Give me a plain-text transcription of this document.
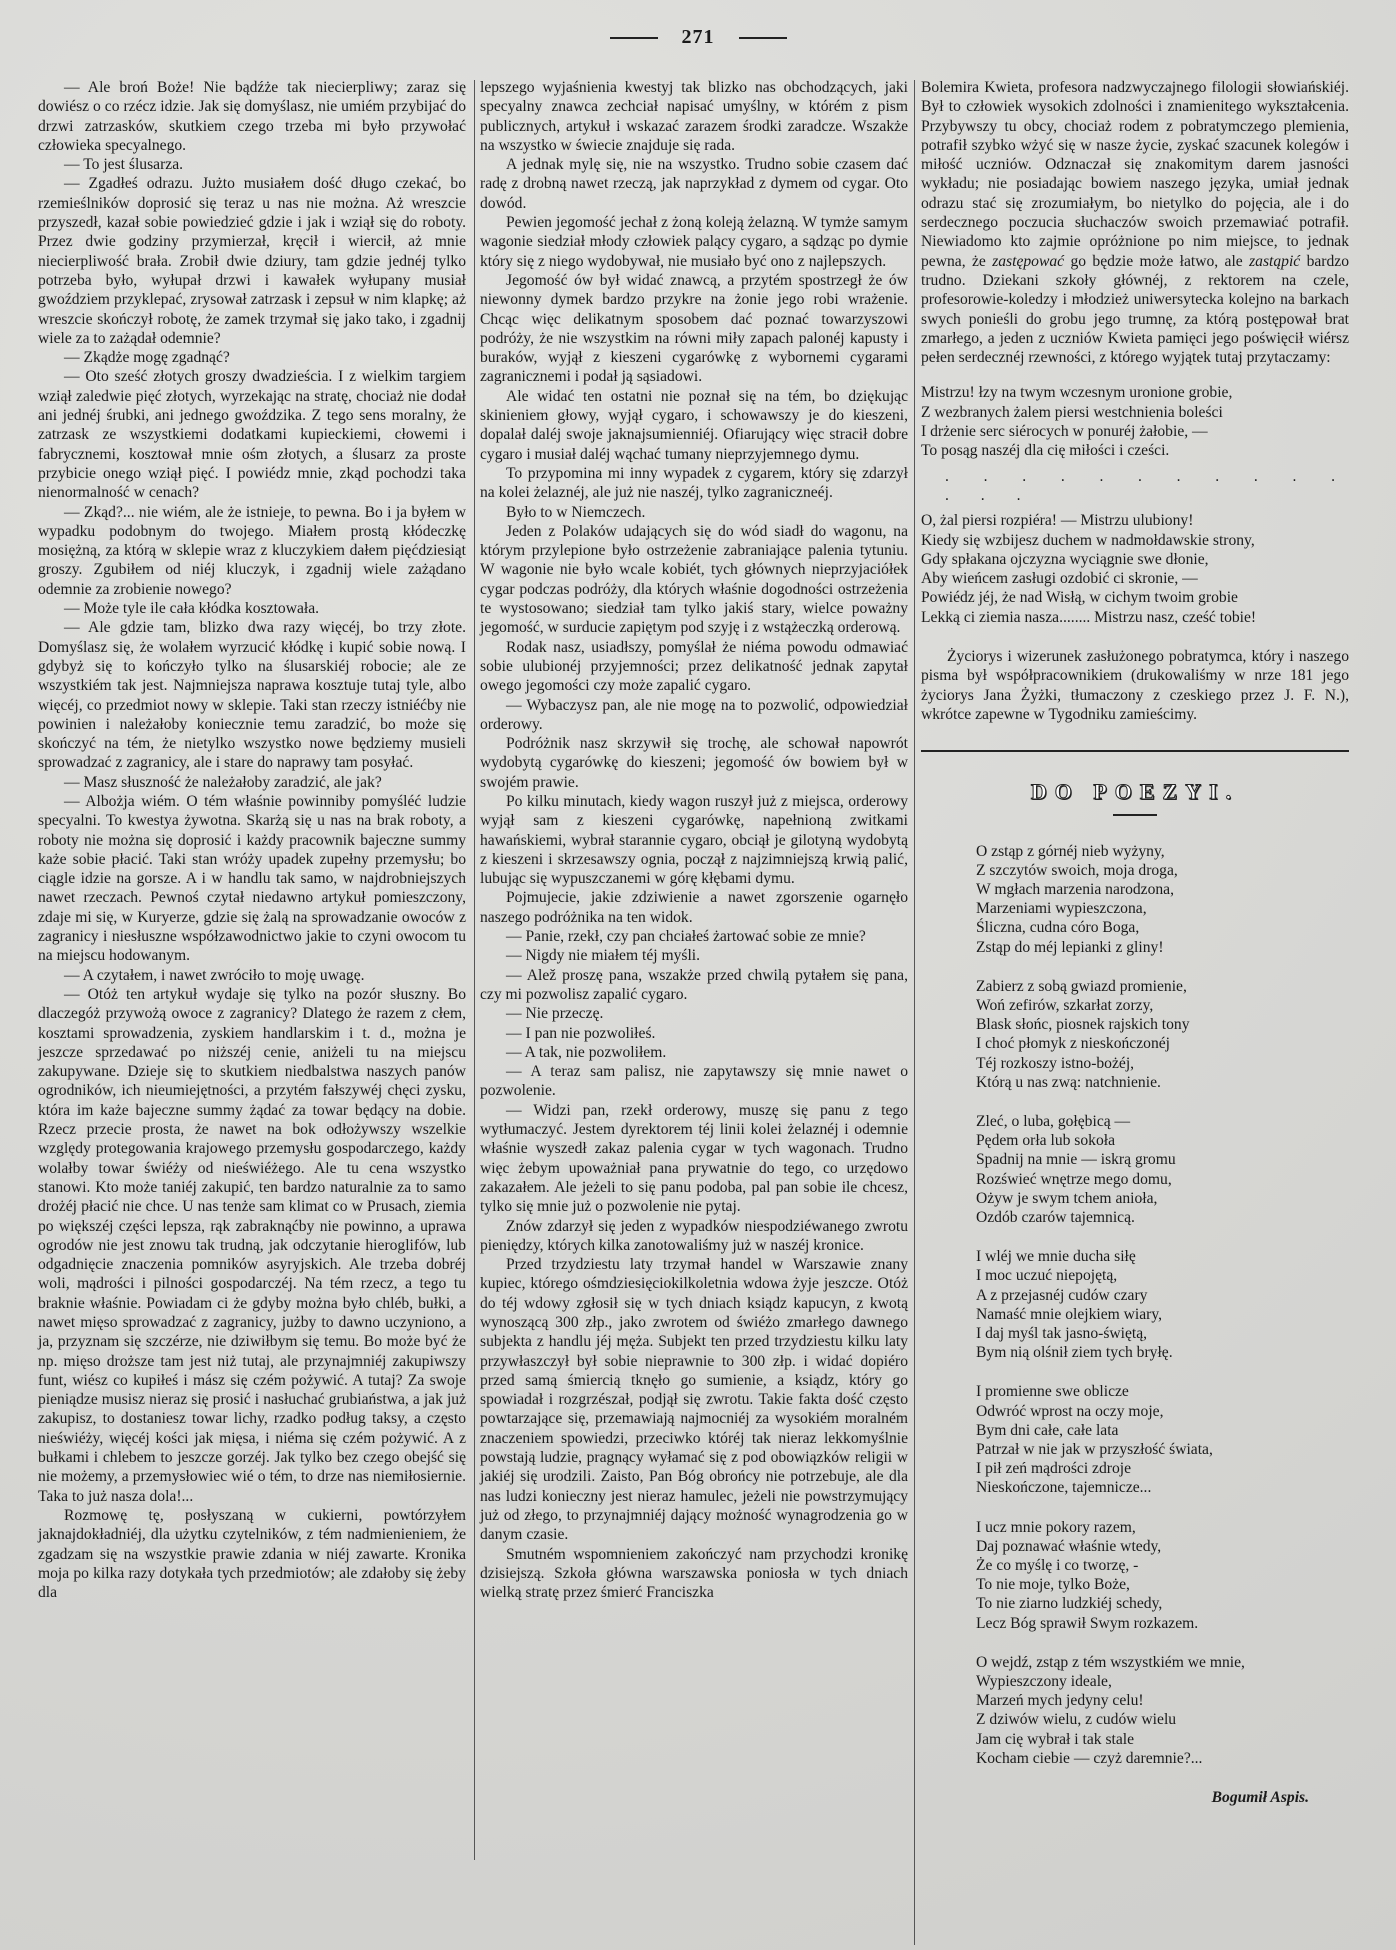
271

— Ale broń Boże! Nie bądźże tak niecierpliwy; zaraz się dowiész o co rzécz idzie. Jak się domyślasz, nie umiém przybijać do drzwi zatrzasków, skutkiem czego trzeba mi było przywołać człowieka specyalnego.

— To jest ślusarza.

— Zgadłeś odrazu. Jużto musiałem dość długo czekać, bo rzemieślników doprosić się teraz u nas nie można. Aż wreszcie przyszedł, kazał sobie powiedzieć gdzie i jak i wziął się do roboty. Przez dwie godziny przymierzał, kręcił i wiercił, aż mnie niecierpliwość brała. Zrobił dwie dziury, tam gdzie jednéj tylko potrzeba było, wyłupał drzwi i kawałek wyłupany musiał gwoździem przyklepać, zrysował zatrzask i zepsuł w nim klapkę; aż wreszcie skończył robotę, że zamek trzymał się jako tako, i zgadnij wiele za to zażądał odemnie?

— Zkądże mogę zgadnąć?

— Oto sześć złotych groszy dwadzieścia. I z wielkim targiem wziął zaledwie pięć złotych, wyrzekając na stratę, chociaż nie dodał ani jednéj śrubki, ani jednego gwoździka. Z tego sens moralny, że zatrzask ze wszystkiemi dodatkami kupieckiemi, cłowemi i fabrycznemi, kosztował mnie ośm złotych, a ślusarz za proste przybicie onego wziął pięć. I powiédz mnie, zkąd pochodzi taka nienormalność w cenach?

— Zkąd?... nie wiém, ale że istnieje, to pewna. Bo i ja byłem w wypadku podobnym do twojego. Miałem prostą kłódeczkę mosiężną, za którą w sklepie wraz z kluczykiem dałem pięćdziesiąt groszy. Zgubiłem od niéj kluczyk, i zgadnij wiele zażądano odemnie za zrobienie nowego?

— Może tyle ile cała kłódka kosztowała.

— Ale gdzie tam, blizko dwa razy więcéj, bo trzy złote. Domyślasz się, że wolałem wyrzucić kłódkę i kupić sobie nową. I gdybyż się to kończyło tylko na ślusarskiéj robocie; ale ze wszystkiém tak jest. Najmniejsza naprawa kosztuje tutaj tyle, albo więcéj, co przedmiot nowy w sklepie. Taki stan rzeczy istniéćby nie powinien i należałoby koniecznie temu zaradzić, bo może się skończyć na tém, że nietylko wszystko nowe będziemy musieli sprowadzać z zagranicy, ale i stare do naprawy tam posyłać.

— Masz słuszność że należałoby zaradzić, ale jak?

— Albożja wiém. O tém właśnie powinniby pomyśléć ludzie specyalni. To kwestya żywotna. Skarżą się u nas na brak roboty, a roboty nie można się doprosić i każdy pracownik bajeczne summy każe sobie płacić. Taki stan wróży upadek zupełny przemysłu; bo ciągle idzie na gorsze. A i w handlu tak samo, w najdrobniejszych nawet rzeczach. Pewnoś czytał niedawno artykuł pomieszczony, zdaje mi się, w Kuryerze, gdzie się żalą na sprowadzanie owoców z zagranicy i niesłuszne współzawodnictwo jakie to czyni owocom tu na miejscu hodowanym.

— A czytałem, i nawet zwróciło to moję uwagę.

— Otóż ten artykuł wydaje się tylko na pozór słuszny. Bo dlaczegóż przywożą owoce z zagranicy? Dlatego że razem z cłem, kosztami sprowadzenia, zyskiem handlarskim i t. d., można je jeszcze sprzedawać po niższéj cenie, aniżeli tu na miejscu zakupywane. Dzieje się to skutkiem niedbalstwa naszych panów ogrodników, ich nieumiejętności, a przytém fałszywéj chęci zysku, która im każe bajeczne summy żądać za towar będący na dobie. Rzecz przecie prosta, że nawet na bok odłożywszy wszelkie względy protegowania krajowego przemysłu gospodarczego, każdy wolałby towar świéży od nieświéżego. Ale tu cena wszystko stanowi. Kto może taniéj zakupić, ten bardzo naturalnie za to samo drożéj płacić nie chce. U nas tenże sam klimat co w Prusach, ziemia po większéj części lepsza, rąk zabraknąćby nie powinno, a uprawa ogrodów nie jest znowu tak trudną, jak odczytanie hieroglifów, lub odgadnięcie znaczenia pomników asyryjskich. Ale trzeba dobréj woli, mądrości i pilności gospodarczéj. Na tém rzecz, a tego tu braknie właśnie. Powiadam ci że gdyby można było chléb, bułki, a nawet mięso sprowadzać z zagranicy, jużby to dawno uczyniono, a ja, przyznam się szczérze, nie dziwiłbym się temu. Bo może być że np. mięso droższe tam jest niż tutaj, ale przynajmniéj zakupiwszy funt, wiész co kupiłeś i mász się czém pożywić. A tutaj? Za swoje pieniądze musisz nieraz się prosić i nasłuchać grubiaństwa, a jak już zakupisz, to dostaniesz towar lichy, rzadko podług taksy, a często nieświéży, więcéj kości jak mięsa, i niéma się czém pożywić. A z bułkami i chlebem to jeszcze gorzéj. Jak tylko bez czego obejść się nie możemy, a przemysłowiec wié o tém, to drze nas niemiłosiernie. Taka to już nasza dola!...

Rozmowę tę, posłyszaną w cukierni, powtórzyłem jaknajdokładniéj, dla użytku czytelników, z tém nadmienieniem, że zgadzam się na wszystkie prawie zdania w niéj zawarte. Kronika moja po kilka razy dotykała tych przedmiotów; ale zdałoby się żeby dla

lepszego wyjaśnienia kwestyj tak blizko nas obchodzących, jaki specyalny znawca zechciał napisać umyślny, w którém z pism publicznych, artykuł i wskazać zarazem środki zaradcze. Wszakże na wszystko w świecie znajduje się rada.

A jednak mylę się, nie na wszystko. Trudno sobie czasem dać radę z drobną nawet rzeczą, jak naprzykład z dymem od cygar. Oto dowód.

Pewien jegomość jechał z żoną koleją żelazną. W tymże samym wagonie siedział młody człowiek palący cygaro, a sądząc po dymie który się z niego wydobywał, nie musiało być ono z najlepszych.

Jegomość ów był widać znawcą, a przytém spostrzegł że ów niewonny dymek bardzo przykre na żonie jego robi wrażenie. Chcąc więc delikatnym sposobem dać poznać towarzyszowi podróży, że nie wszystkim na równi miły zapach palonéj kapusty i buraków, wyjął z kieszeni cygarówkę z wybornemi cygarami zagranicznemi i podał ją sąsiadowi.

Ale widać ten ostatni nie poznał się na tém, bo dziękując skinieniem głowy, wyjął cygaro, i schowawszy je do kieszeni, dopalał daléj swoje jaknajsumienniéj. Ofiarujący więc stracił dobre cygaro i musiał daléj wąchać tumany nieprzyjemnego dymu.

To przypomina mi inny wypadek z cygarem, który się zdarzył na kolei żelaznéj, ale już nie naszéj, tylko zagraniczneéj.

Było to w Niemczech.

Jeden z Polaków udających się do wód siadł do wagonu, na którym przylepione było ostrzeżenie zabraniające palenia tytuniu. W wagonie nie było wcale kobiét, tych głównych nieprzyjaciółek cygar podczas podróży, dla których właśnie dogodności ostrzeżenia te wystosowano; siedział tam tylko jakiś stary, wielce poważny jegomość, w surducie zapiętym pod szyję i z wstążeczką orderową.

Rodak nasz, usiadłszy, pomyślał że niéma powodu odmawiać sobie ulubionéj przyjemności; przez delikatność jednak zapytał owego jegomości czy może zapalić cygaro.

— Wybaczysz pan, ale nie mogę na to pozwolić, odpowiedział orderowy.

Podróżnik nasz skrzywił się trochę, ale schował napowrót wydobytą cygarówkę do kieszeni; jegomość ów bowiem był w swojém prawie.

Po kilku minutach, kiedy wagon ruszył już z miejsca, orderowy wyjął sam z kieszeni cygarówkę, napełnioną zwitkami hawańskiemi, wybrał starannie cygaro, obciął je gilotyną wydobytą z kieszeni i skrzesawszy ognia, począł z najzimniejszą krwią palić, lubując się wypuszczanemi w górę kłębami dymu.

Pojmujecie, jakie zdziwienie a nawet zgorszenie ogarnęło naszego podróżnika na ten widok.

— Panie, rzekł, czy pan chciałeś żartować sobie ze mnie?

— Nigdy nie miałem téj myśli.

— Alež proszę pana, wszakże przed chwilą pytałem się pana, czy mi pozwolisz zapalić cygaro.

— Nie przeczę.

— I pan nie pozwoliłeś.

— A tak, nie pozwoliłem.

— A teraz sam palisz, nie zapytawszy się mnie nawet o pozwolenie.

— Widzi pan, rzekł orderowy, muszę się panu z tego wytłumaczyć. Jestem dyrektorem téj linii kolei żelaznéj i odemnie właśnie wyszedł zakaz palenia cygar w tych wagonach. Trudno więc żebym upoważniał pana prywatnie do tego, co urzędowo zakazałem. Ale jeżeli to się panu podoba, pal pan sobie ile chcesz, tylko się mnie już o pozwolenie nie pytaj.

Znów zdarzył się jeden z wypadków niespodziéwanego zwrotu pieniędzy, których kilka zanotowaliśmy już w naszéj kronice.

Przed trzydziestu laty trzymał handel w Warszawie znany kupiec, którego ośmdziesięciokilkoletnia wdowa żyje jeszcze. Otóż do téj wdowy zgłosił się w tych dniach ksiądz kapucyn, z kwotą wynoszącą 300 złp., jako zwrotem od świéżo zmarłego dawnego subjekta z handlu jéj męża. Subjekt ten przed trzydziestu kilku laty przywłaszczył był sobie nieprawnie to 300 złp. i widać dopiéro przed samą śmiercią tknęło go sumienie, a ksiądz, który go spowiadał i rozgrzészał, podjął się zwrotu. Takie fakta dość często powtarzające się, przemawiają najmocniéj za wysokiém moralném znaczeniem spowiedzi, przeciwko któréj tak nieraz lekkomyślnie powstają ludzie, pragnący wyłamać się z pod obowiązków religii w jakiéj się urodzili. Zaisto, Pan Bóg obrońcy nie potrzebuje, ale dla nas ludzi konieczny jest nieraz hamulec, jeżeli nie powstrzymujący już od złego, to przynajmniéj dający możność wynagrodzenia go w danym czasie.

Smutném wspomnieniem zakończyć nam przychodzi kronikę dzisiejszą. Szkoła główna warszawska poniosła w tych dniach wielką stratę przez śmierć Franciszka

Bolemira Kwieta, profesora nadzwyczajnego filologii słowiańskiéj. Był to człowiek wysokich zdolności i znamienitego wykształcenia. Przybywszy tu obcy, chociaż rodem z pobratymczego plemienia, potrafił szybko wżyć się w nasze życie, zyskać szacunek kolegów i miłość uczniów. Odznaczał się znakomitym darem jasności wykładu; nie posiadając bowiem naszego języka, umiał jednak odrazu stać się zrozumiałym, bo nietylko do pojęcia, ale i do serdecznego poczucia słuchaczów swoich przemawiać potrafił. Niewiadomo kto zajmie opróżnione po nim miejsce, to jednak pewna, że zastępować go będzie może łatwo, ale zastąpić bardzo trudno. Dziekani szkoły głównéj, z rektorem na czele, profesorowie-koledzy i młodzież uniwersytecka kolejno na barkach swych ponieśli do grobu jego trumnę, za którą postępował brat zmarłego, a jeden z uczniów Kwieta pamięci jego poświęcił wiérsz pełen serdecznéj rzewności, z którego wyjątek tutaj przytaczamy:

Mistrzu! łzy na twym wczesnym uronione grobie,
Z wezbranych żalem piersi westchnienia boleści
I drżenie serc siérocych w ponuréj żałobie, —
To posąg naszéj dla cię miłości i cześci.
. . . . . . . . . . . . . .
O, żal piersi rozpiéra! — Mistrzu ulubiony!
Kiedy się wzbijesz duchem w nadmołdawskie strony,
Gdy spłakana ojczyzna wyciągnie swe dłonie,
Aby wieńcem zasługi ozdobić ci skronie, —
Powiédz jéj, że nad Wisłą, w cichym twoim grobie
Lekką ci ziemia nasza........ Mistrzu nasz, cześć tobie!

Życiorys i wizerunek zasłużonego pobratymca, który i naszego pisma był współpracownikiem (drukowaliśmy w nrze 181 jego życiorys Jana Żyżki, tłumaczony z czeskiego przez J. F. N.), wkrótce zapewne w Tygodniku zamieścimy.

DO POEZYI.
O zstąp z górnéj nieb wyżyny,
Z szczytów swoich, moja droga,
W mgłach marzenia narodzona,
Marzeniami wypieszczona,
Śliczna, cudna córo Boga,
Zstąp do méj lepianki z gliny!
Zabierz z sobą gwiazd promienie,
Woń zefirów, szkarłat zorzy,
Blask słońc, piosnek rajskich tony
I choć płomyk z nieskończonéj
Téj rozkoszy istno-bożéj,
Którą u nas zwą: natchnienie.
Zleć, o luba, gołębicą —
Pędem orła lub sokoła
Spadnij na mnie — iskrą gromu
Rozświeć wnętrze mego domu,
Ożyw je swym tchem anioła,
Ozdób czarów tajemnicą.
I wléj we mnie ducha siłę
I moc uczuć niepojętą,
A z przejasnéj cudów czary
Namaść mnie olejkiem wiary,
I daj myśl tak jasno-świętą,
Bym nią olśnił ziem tych bryłę.
I promienne swe oblicze
Odwróć wprost na oczy moje,
Bym dni całe, całe lata
Patrzał w nie jak w przyszłość świata,
I pił zeń mądrości zdroje
Nieskończone, tajemnicze...
I ucz mnie pokory razem,
Daj poznawać właśnie wtedy,
Że co myślę i co tworzę, -
To nie moje, tylko Boże,
To nie ziarno ludzkiéj schedy,
Lecz Bóg sprawił Swym rozkazem.
O wejdź, zstąp z tém wszystkiém we mnie,
Wypieszczony ideale,
Marzeń mych jedyny celu!
Z dziwów wielu, z cudów wielu
Jam cię wybrał i tak stale
Kocham ciebie — czyż daremnie?...
Bogumił Aspis.
